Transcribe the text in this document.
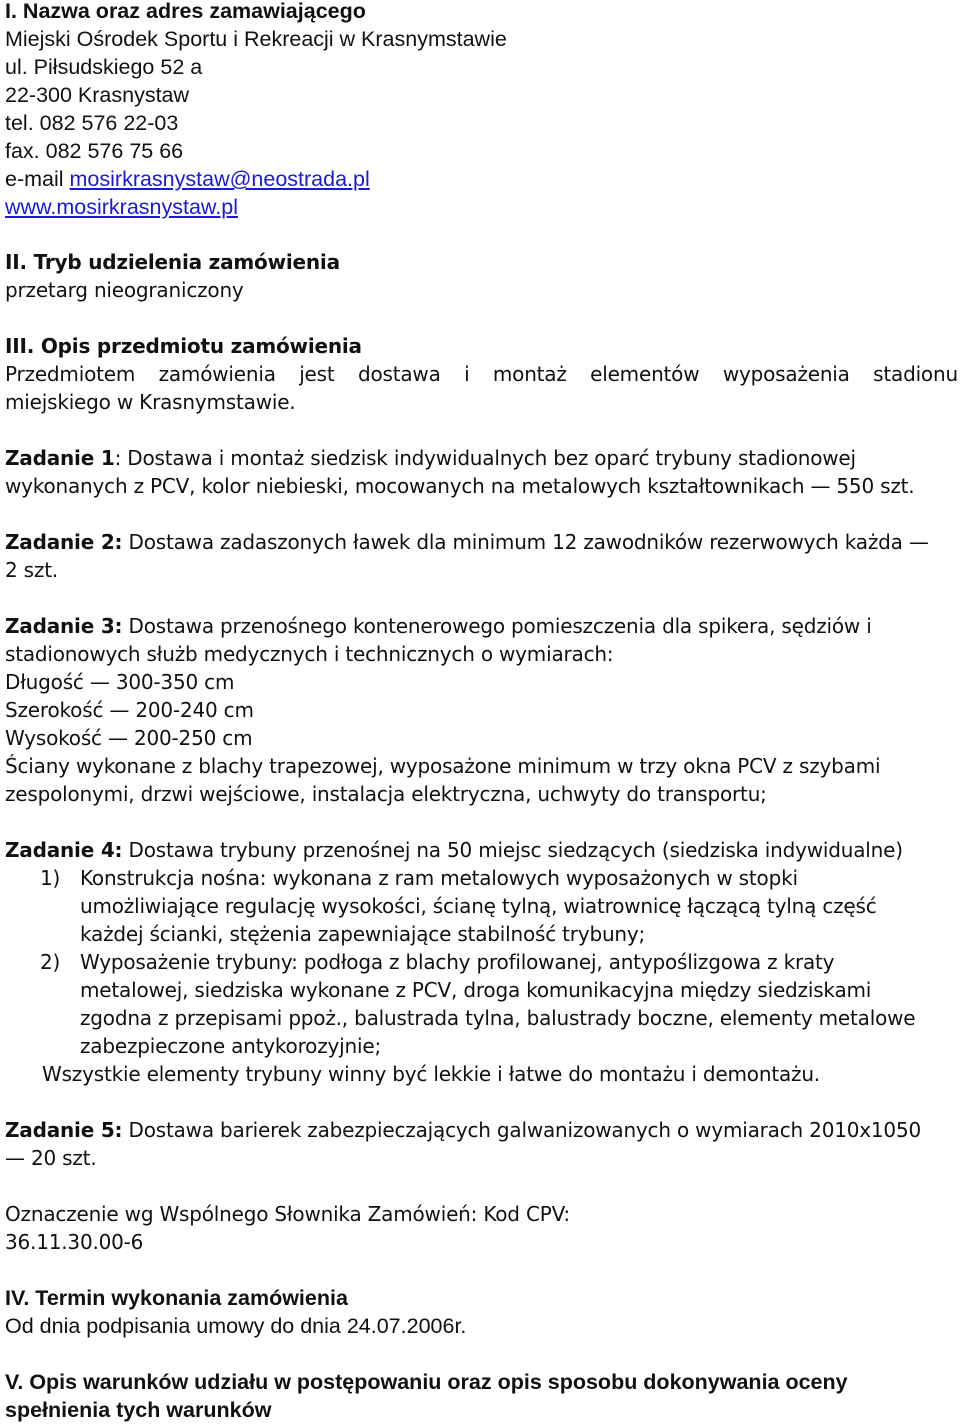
I. Nazwa oraz adres zamawiającego
Miejski Ośrodek Sportu i Rekreacji w Krasnymstawie
ul. Piłsudskiego 52 a
22-300 Krasnystaw
tel. 082 576 22-03
fax. 082 576 75 66
e-mail mosirkrasnystaw@neostrada.pl
www.mosirkrasnystaw.pl
II. Tryb udzielenia zamówienia
przetarg nieograniczony
III. Opis przedmiotu zamówienia
Przedmiotem zamówienia jest dostawa i montaż elementów wyposażenia stadionu
miejskiego w Krasnymstawie.
Zadanie 1: Dostawa i montaż siedzisk indywidualnych bez oparć trybuny stadionowej
wykonanych z PCV, kolor niebieski, mocowanych na metalowych kształtownikach — 550 szt.
Zadanie 2: Dostawa zadaszonych ławek dla minimum 12 zawodników rezerwowych każda —
2 szt.
Zadanie 3: Dostawa przenośnego kontenerowego pomieszczenia dla spikera, sędziów i
stadionowych służb medycznych i technicznych o wymiarach:
Długość — 300-350 cm
Szerokość — 200-240 cm
Wysokość — 200-250 cm
Ściany wykonane z blachy trapezowej, wyposażone minimum w trzy okna PCV z szybami
zespolonymi, drzwi wejściowe, instalacja elektryczna, uchwyty do transportu;
Zadanie 4: Dostawa trybuny przenośnej na 50 miejsc siedzących (siedziska indywidualne)
1) Konstrukcja nośna: wykonana z ram metalowych wyposażonych w stopki
umożliwiające regulację wysokości, ścianę tylną, wiatrownicę łączącą tylną część
każdej ścianki, stężenia zapewniające stabilność trybuny;
2) Wyposażenie trybuny: podłoga z blachy profilowanej, antypoślizgowa z kraty
metalowej, siedziska wykonane z PCV, droga komunikacyjna między siedziskami
zgodna z przepisami ppoż., balustrada tylna, balustrady boczne, elementy metalowe
zabezpieczone antykorozyjnie;
Wszystkie elementy trybuny winny być lekkie i łatwe do montażu i demontażu.
Zadanie 5: Dostawa barierek zabezpieczających galwanizowanych o wymiarach 2010x1050
— 20 szt.
Oznaczenie wg Wspólnego Słownika Zamówień: Kod CPV:
36.11.30.00-6
IV. Termin wykonania zamówienia
Od dnia podpisania umowy do dnia 24.07.2006r.
V. Opis warunków udziału w postępowaniu oraz opis sposobu dokonywania oceny
spełnienia tych warunków
